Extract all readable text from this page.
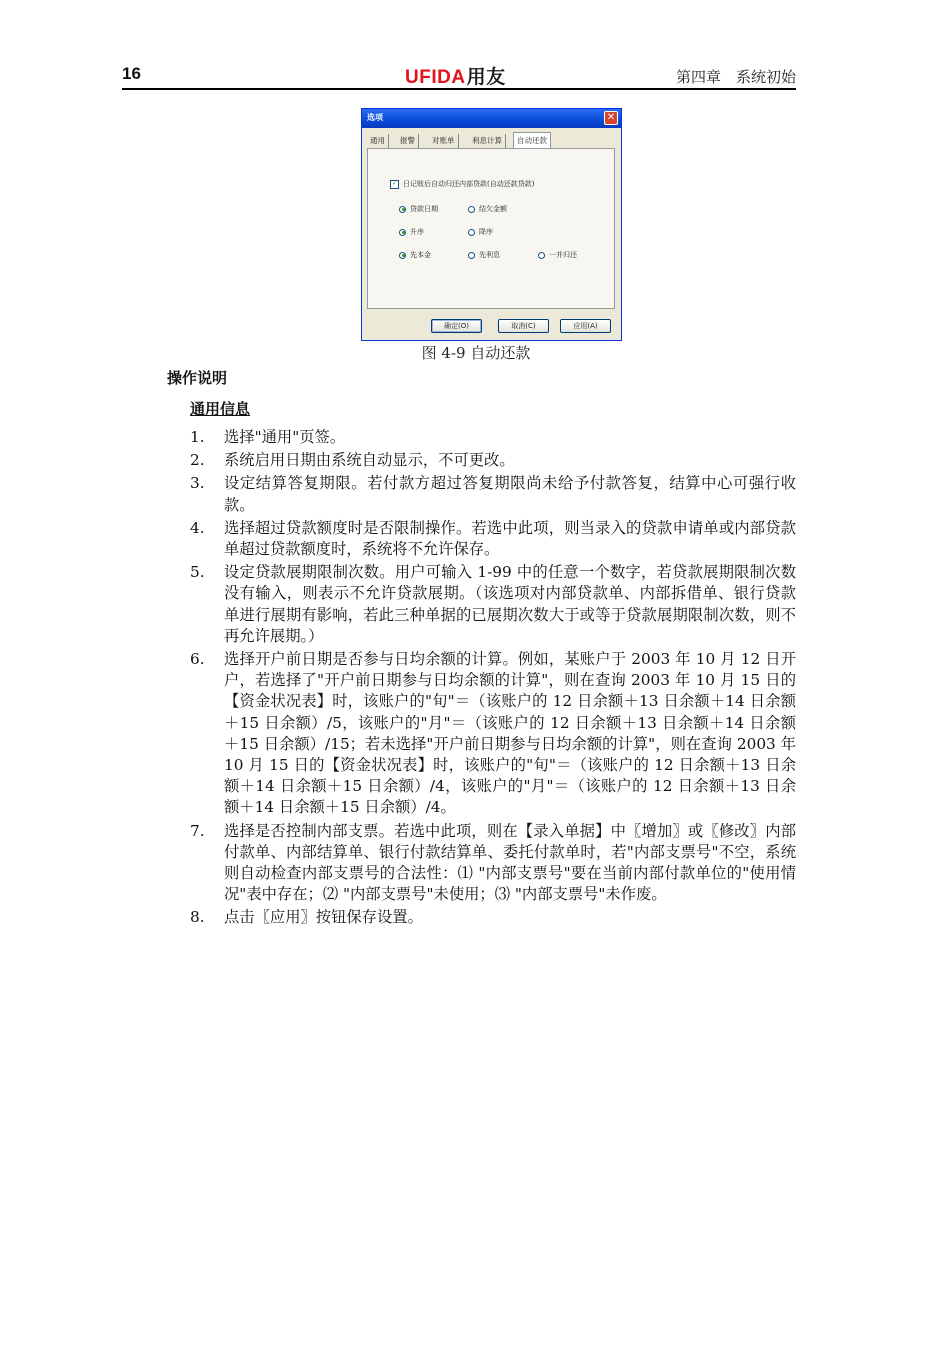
16	UFIDA用友	第四章　系统初始
选项	✕
通用	报警	对账单	利息计算	自动还款
✓ 日记账后自动归还内部贷款(自动还款贷款)
贷款日期	结欠金额
升序	降序
先本金	先利息	一并归还
确定(O)	取消(C)	应用(A)
图 4-9 自动还款
操作说明
通用信息
1. 选择"通用"页签。
2. 系统启用日期由系统自动显示，不可更改。
3. 设定结算答复期限。若付款方超过答复期限尚未给予付款答复，结算中心可强行收款。
4. 选择超过贷款额度时是否限制操作。若选中此项，则当录入的贷款申请单或内部贷款单超过贷款额度时，系统将不允许保存。
5. 设定贷款展期限制次数。用户可输入 1-99 中的任意一个数字，若贷款展期限制次数没有输入，则表示不允许贷款展期。（该选项对内部贷款单、内部拆借单、银行贷款单进行展期有影响，若此三种单据的已展期次数大于或等于贷款展期限制次数，则不再允许展期。）
6. 选择开户前日期是否参与日均余额的计算。例如，某账户于 2003 年 10 月 12 日开户，若选择了"开户前日期参与日均余额的计算"，则在查询 2003 年 10 月 15 日的【资金状况表】时，该账户的"旬"＝（该账户的 12 日余额＋13 日余额＋14 日余额＋15 日余额）/5，该账户的"月"＝（该账户的 12 日余额＋13 日余额＋14 日余额＋15 日余额）/15；若未选择"开户前日期参与日均余额的计算"，则在查询 2003 年 10 月 15 日的【资金状况表】时，该账户的"旬"＝（该账户的 12 日余额＋13 日余额＋14 日余额＋15 日余额）/4，该账户的"月"＝（该账户的 12 日余额＋13 日余额＋14 日余额＋15 日余额）/4。
7. 选择是否控制内部支票。若选中此项，则在【录入单据】中〖增加〗或〖修改〗内部付款单、内部结算单、银行付款结算单、委托付款单时，若"内部支票号"不空，系统则自动检查内部支票号的合法性：⑴ "内部支票号"要在当前内部付款单位的"使用情况"表中存在；⑵ "内部支票号"未使用；⑶ "内部支票号"未作废。
8. 点击〖应用〗按钮保存设置。
